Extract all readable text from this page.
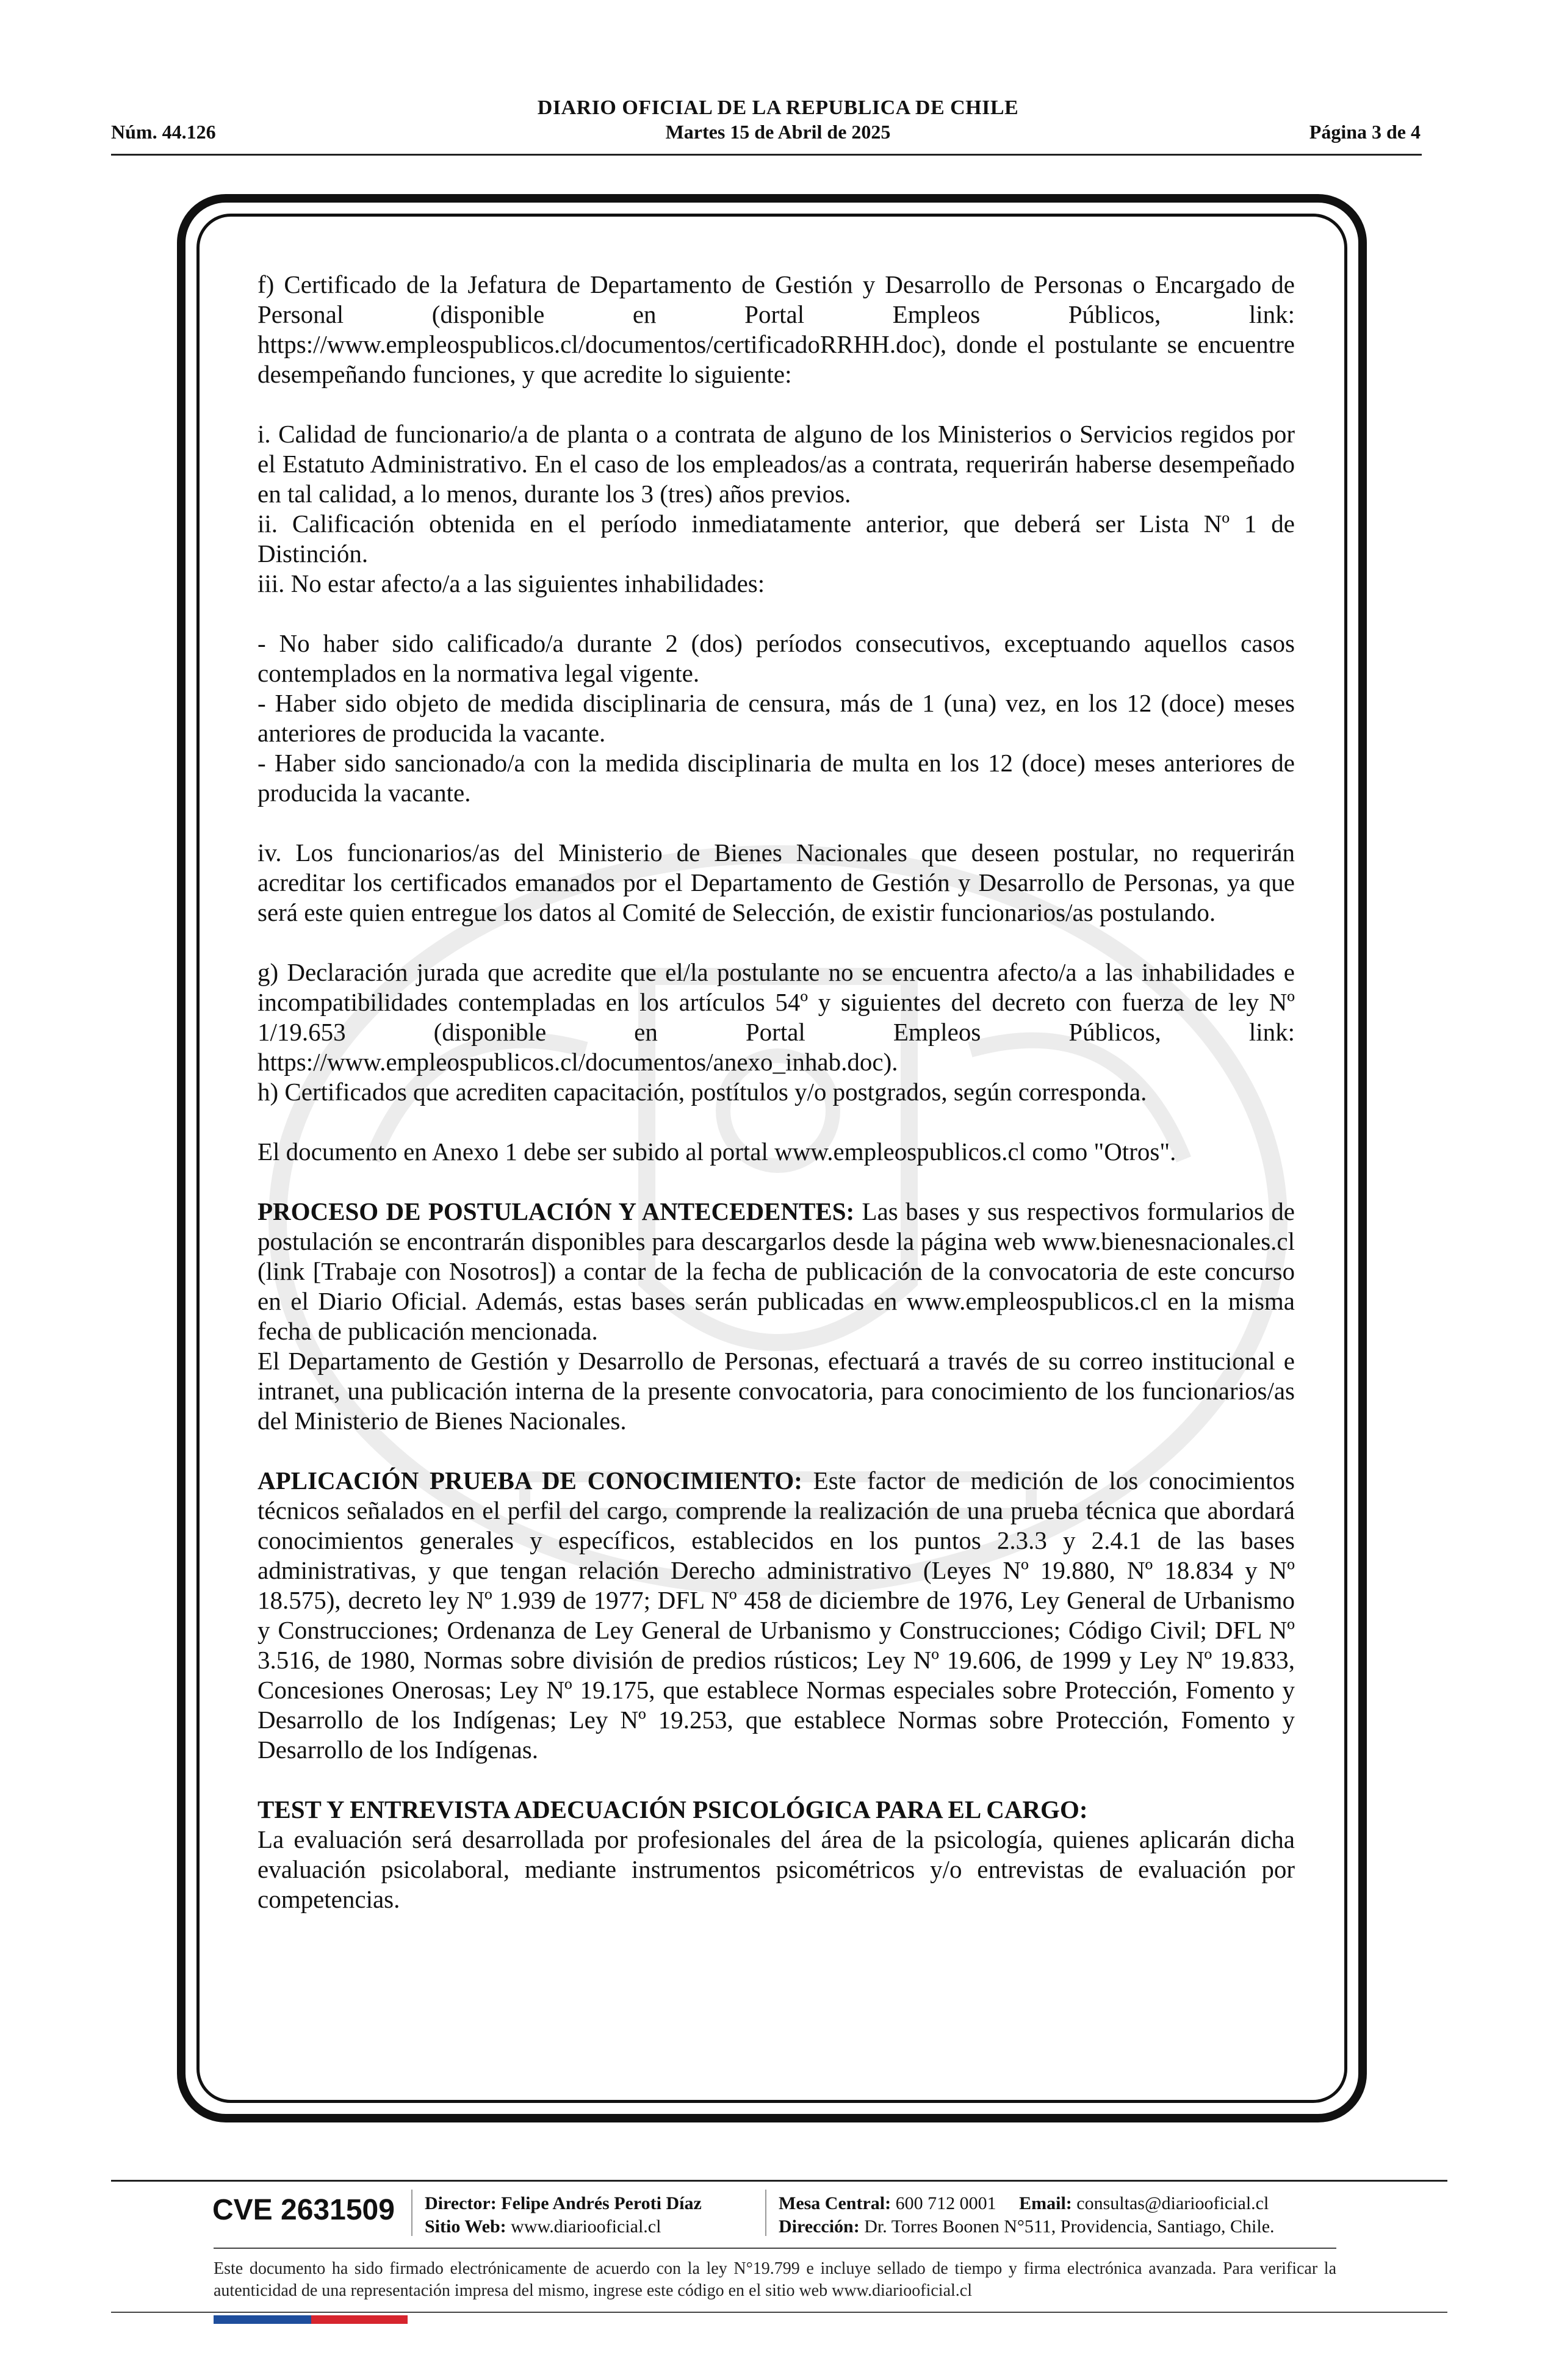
DIARIO OFICIAL DE LA REPUBLICA DE CHILE
Núm. 44.126	Martes 15 de Abril de 2025	Página 3 de 4

f) Certificado de la Jefatura de Departamento de Gestión y Desarrollo de Personas o Encargado de Personal (disponible en Portal Empleos Públicos, link: https://www.empleospublicos.cl/documentos/certificadoRRHH.doc), donde el postulante se encuentre desempeñando funciones, y que acredite lo siguiente:

i. Calidad de funcionario/a de planta o a contrata de alguno de los Ministerios o Servicios regidos por el Estatuto Administrativo. En el caso de los empleados/as a contrata, requerirán haberse desempeñado en tal calidad, a lo menos, durante los 3 (tres) años previos.

ii. Calificación obtenida en el período inmediatamente anterior, que deberá ser Lista Nº 1 de Distinción.

iii. No estar afecto/a a las siguientes inhabilidades:

- No haber sido calificado/a durante 2 (dos) períodos consecutivos, exceptuando aquellos casos contemplados en la normativa legal vigente.

- Haber sido objeto de medida disciplinaria de censura, más de 1 (una) vez, en los 12 (doce) meses anteriores de producida la vacante.

- Haber sido sancionado/a con la medida disciplinaria de multa en los 12 (doce) meses anteriores de producida la vacante.

iv. Los funcionarios/as del Ministerio de Bienes Nacionales que deseen postular, no requerirán acreditar los certificados emanados por el Departamento de Gestión y Desarrollo de Personas, ya que será este quien entregue los datos al Comité de Selección, de existir funcionarios/as postulando.

g) Declaración jurada que acredite que el/la postulante no se encuentra afecto/a a las inhabilidades e incompatibilidades contempladas en los artículos 54º y siguientes del decreto con fuerza de ley Nº 1/19.653 (disponible en Portal Empleos Públicos, link: https://www.empleospublicos.cl/documentos/anexo_inhab.doc).

h) Certificados que acrediten capacitación, postítulos y/o postgrados, según corresponda.

El documento en Anexo 1 debe ser subido al portal www.empleospublicos.cl como "Otros".

PROCESO DE POSTULACIÓN Y ANTECEDENTES: Las bases y sus respectivos formularios de postulación se encontrarán disponibles para descargarlos desde la página web www.bienesnacionales.cl (link [Trabaje con Nosotros]) a contar de la fecha de publicación de la convocatoria de este concurso en el Diario Oficial. Además, estas bases serán publicadas en www.empleospublicos.cl en la misma fecha de publicación mencionada.

El Departamento de Gestión y Desarrollo de Personas, efectuará a través de su correo institucional e intranet, una publicación interna de la presente convocatoria, para conocimiento de los funcionarios/as del Ministerio de Bienes Nacionales.

APLICACIÓN PRUEBA DE CONOCIMIENTO: Este factor de medición de los conocimientos técnicos señalados en el perfil del cargo, comprende la realización de una prueba técnica que abordará conocimientos generales y específicos, establecidos en los puntos 2.3.3 y 2.4.1 de las bases administrativas, y que tengan relación Derecho administrativo (Leyes Nº 19.880, Nº 18.834 y Nº 18.575), decreto ley Nº 1.939 de 1977; DFL Nº 458 de diciembre de 1976, Ley General de Urbanismo y Construcciones; Ordenanza de Ley General de Urbanismo y Construcciones; Código Civil; DFL Nº 3.516, de 1980, Normas sobre división de predios rústicos; Ley Nº 19.606, de 1999 y Ley Nº 19.833, Concesiones Onerosas; Ley Nº 19.175, que establece Normas especiales sobre Protección, Fomento y Desarrollo de los Indígenas; Ley Nº 19.253, que establece Normas sobre Protección, Fomento y Desarrollo de los Indígenas.

TEST Y ENTREVISTA ADECUACIÓN PSICOLÓGICA PARA EL CARGO:

La evaluación será desarrollada por profesionales del área de la psicología, quienes aplicarán dicha evaluación psicolaboral, mediante instrumentos psicométricos y/o entrevistas de evaluación por competencias.

CVE 2631509 Director: Felipe Andrés Peroti Díaz
Sitio Web: www.diariooficial.cl
Mesa Central: 600 712 0001 Email: consultas@diariooficial.cl
Dirección: Dr. Torres Boonen N°511, Providencia, Santiago, Chile.
Este documento ha sido firmado electrónicamente de acuerdo con la ley N°19.799 e incluye sellado de tiempo y firma electrónica avanzada. Para verificar la autenticidad de una representación impresa del mismo, ingrese este código en el sitio web www.diariooficial.cl
